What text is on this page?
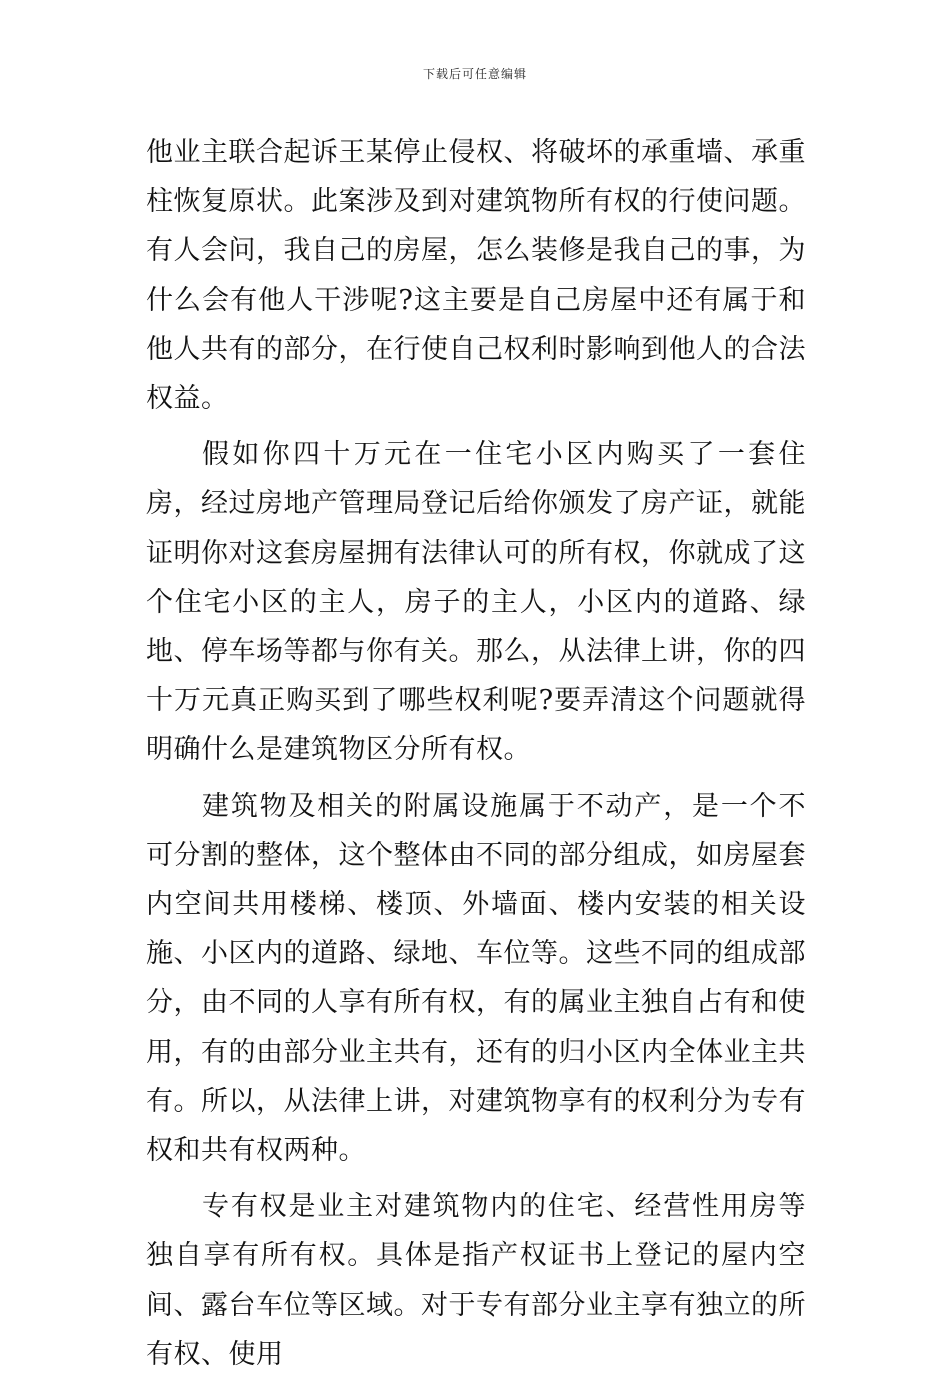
下载后可任意编辑

他业主联合起诉王某停止侵权、将破坏的承重墙、承重柱恢复原状。此案涉及到对建筑物所有权的行使问题。有人会问，我自己的房屋，怎么装修是我自己的事，为什么会有他人干涉呢?这主要是自己房屋中还有属于和他人共有的部分，在行使自己权利时影响到他人的合法权益。

假如你四十万元在一住宅小区内购买了一套住房，经过房地产管理局登记后给你颁发了房产证，就能证明你对这套房屋拥有法律认可的所有权，你就成了这个住宅小区的主人，房子的主人，小区内的道路、绿地、停车场等都与你有关。那么，从法律上讲，你的四十万元真正购买到了哪些权利呢?要弄清这个问题就得明确什么是建筑物区分所有权。

建筑物及相关的附属设施属于不动产，是一个不可分割的整体，这个整体由不同的部分组成，如房屋套内空间共用楼梯、楼顶、外墙面、楼内安装的相关设施、小区内的道路、绿地、车位等。这些不同的组成部分，由不同的人享有所有权，有的属业主独自占有和使用，有的由部分业主共有，还有的归小区内全体业主共有。所以，从法律上讲，对建筑物享有的权利分为专有权和共有权两种。

专有权是业主对建筑物内的住宅、经营性用房等独自享有所有权。具体是指产权证书上登记的屋内空间、露台车位等区域。对于专有部分业主享有独立的所有权、使用
